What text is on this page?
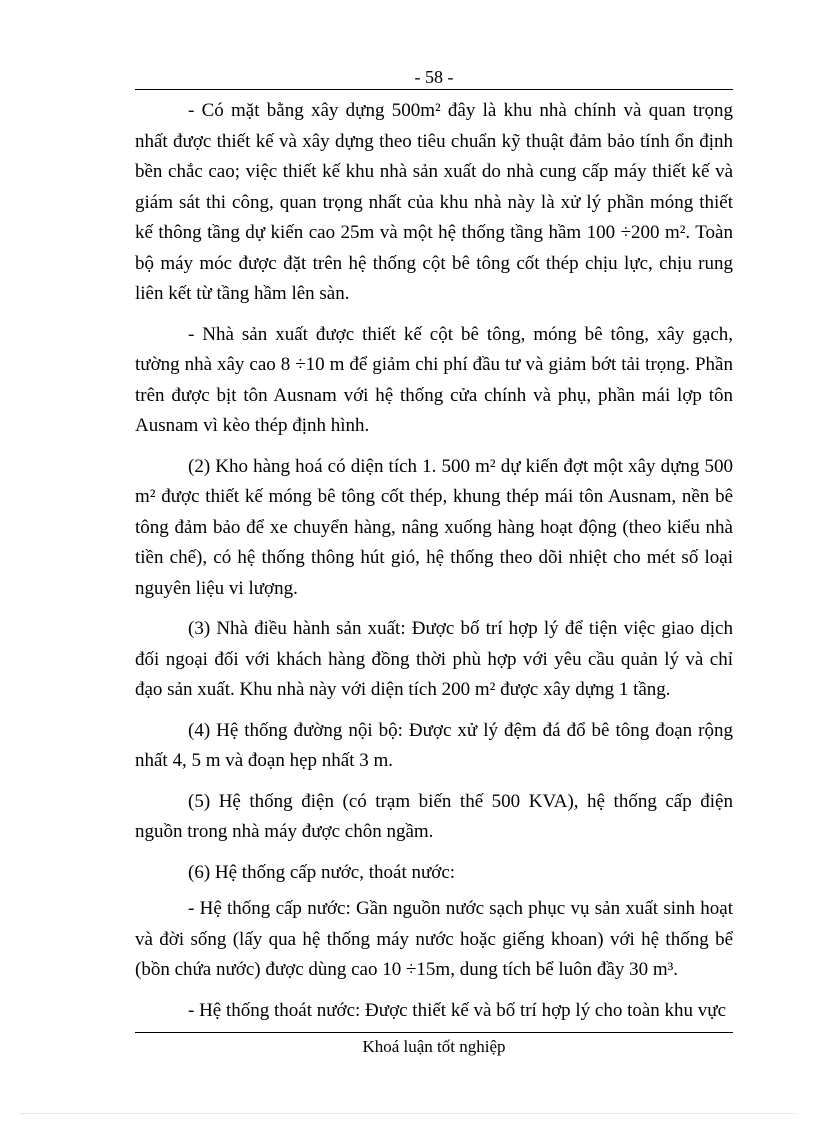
- 58 -

- Có mặt bằng xây dựng 500m² đây là khu nhà chính và quan trọng nhất được thiết kế và xây dựng theo tiêu chuẩn kỹ thuật đảm bảo tính ổn định bền chắc cao; việc thiết kế khu nhà sản xuất do nhà cung cấp máy thiết kế và giám sát thi công, quan trọng nhất của khu nhà này là xử lý phần móng thiết kế thông tầng dự kiến cao 25m và một hệ thống tầng hầm 100 ÷200 m². Toàn bộ máy móc được đặt trên hệ thống cột bê tông cốt thép chịu lực, chịu rung liên kết từ tầng hầm lên sàn.

- Nhà sản xuất được thiết kế cột bê tông, móng bê tông, xây gạch, tường nhà xây cao 8 ÷10 m để giảm chi phí đầu tư và giảm bớt tải trọng. Phần trên được bịt tôn Ausnam với hệ thống cửa chính và phụ, phần mái lợp tôn Ausnam vì kèo thép định hình.

(2) Kho hàng hoá có diện tích 1. 500 m² dự kiến đợt một xây dựng 500 m² được thiết kế móng bê tông cốt thép, khung thép mái tôn Ausnam, nền bê tông đảm bảo để xe chuyển hàng, nâng xuống hàng hoạt động (theo kiểu nhà tiền chế), có hệ thống thông hút gió, hệ thống theo dõi nhiệt cho mét số loại nguyên liệu vi lượng.

(3) Nhà điều hành sản xuất: Được bố trí hợp lý để tiện việc giao dịch đối ngoại đối với khách hàng đồng thời phù hợp với yêu cầu quản lý và chỉ đạo sản xuất. Khu nhà này với diện tích 200 m² được xây dựng 1 tầng.

(4) Hệ thống đường nội bộ: Được xử lý đệm đá đổ bê tông đoạn rộng nhất 4, 5 m và đoạn hẹp nhất 3 m.

(5) Hệ thống điện (có trạm biến thế 500 KVA), hệ thống cấp điện nguồn trong nhà máy được chôn ngầm.

(6) Hệ thống cấp nước, thoát nước:

- Hệ thống cấp nước: Gần nguồn nước sạch phục vụ sản xuất sinh hoạt và đời sống (lấy qua hệ thống máy nước hoặc giếng khoan) với hệ thống bể (bồn chứa nước) được dùng cao 10 ÷15m, dung tích bể luôn đầy 30 m³.

- Hệ thống thoát nước: Được thiết kế và bố trí hợp lý cho toàn khu vực

Khoá luận tốt nghiệp
